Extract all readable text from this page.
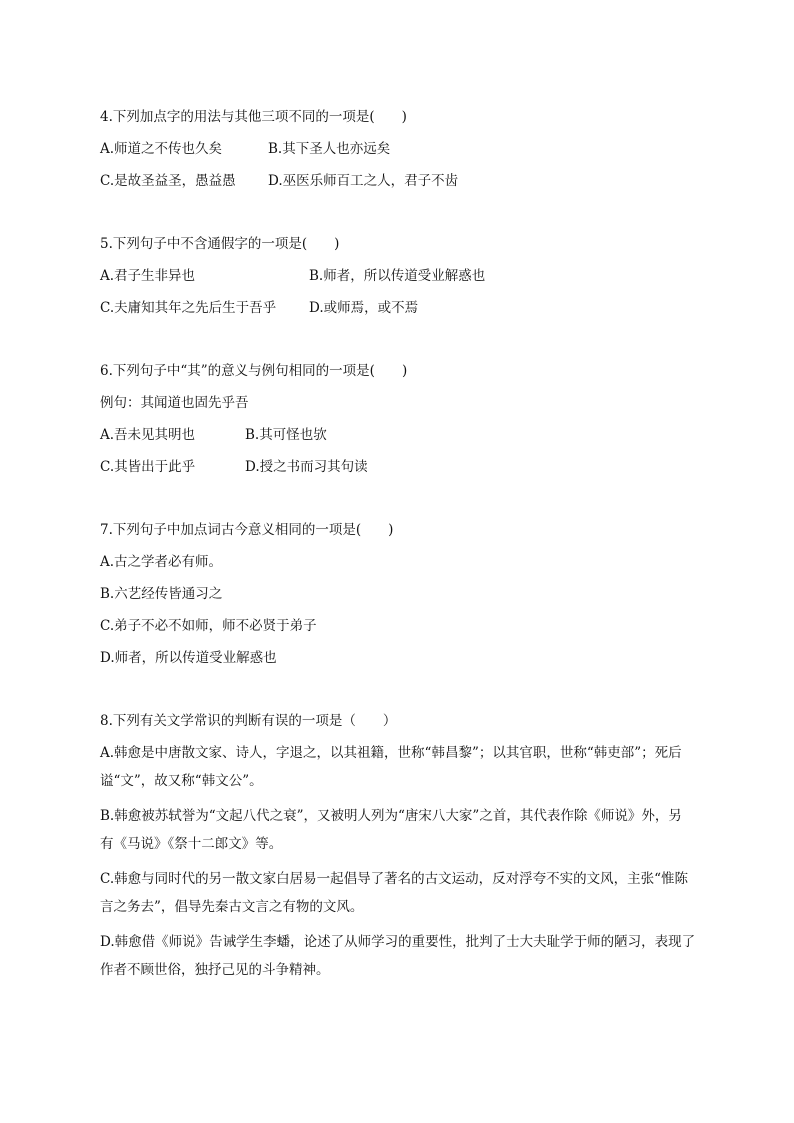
4.下列加点字的用法与其他三项不同的一项是(　　)
A.师道之不传也久矣	B.其下圣人也亦远矣
C.是故圣益圣，愚益愚 D.巫医乐师百工之人，君子不齿
5.下列句子中不含通假字的一项是(　　)
A.君子生非异也	B.师者，所以传道受业解惑也
C.夫庸知其年之先后生于吾乎 D.或师焉，或不焉
6.下列句子中“其”的意义与例句相同的一项是(　　)
例句：其闻道也固先乎吾
A.吾未见其明也	B.其可怪也欤
C.其皆出于此乎	D.授之书而习其句读
7.下列句子中加点词古今意义相同的一项是(　　)
A.古之学者必有师。
B.六艺经传皆通习之
C.弟子不必不如师，师不必贤于弟子
D.师者，所以传道受业解惑也
8.下列有关文学常识的判断有误的一项是（　　）
A.韩愈是中唐散文家、诗人，字退之，以其祖籍，世称“韩昌黎”；以其官职，世称“韩吏部”；死后
谥“文”，故又称“韩文公”。
B.韩愈被苏轼誉为“文起八代之衰”，又被明人列为“唐宋八大家”之首，其代表作除《师说》外，另
有《马说》《祭十二郎文》等。
C.韩愈与同时代的另一散文家白居易一起倡导了著名的古文运动，反对浮夸不实的文风，主张“惟陈
言之务去”，倡导先秦古文言之有物的文风。
D.韩愈借《师说》告诫学生李蟠，论述了从师学习的重要性，批判了士大夫耻学于师的陋习，表现了
作者不顾世俗，独抒己见的斗争精神。
